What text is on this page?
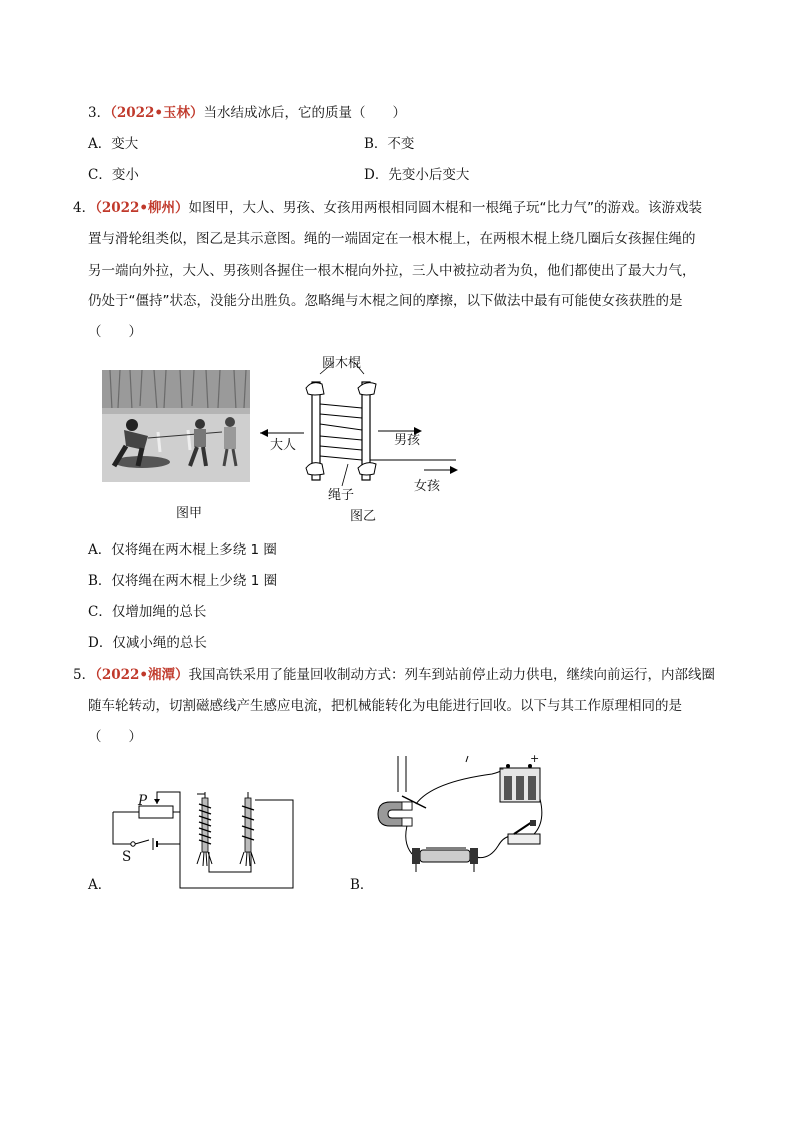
3．（2022•玉林）当水结成冰后，它的质量（　　）
A．变大	B．不变
C．变小	D．先变小后变大
4．（2022•柳州）如图甲，大人、男孩、女孩用两根相同圆木棍和一根绳子玩“比力气”的游戏。该游戏装
置与滑轮组类似，图乙是其示意图。绳的一端固定在一根木棍上，在两根木棍上绕几圈后女孩握住绳的
另一端向外拉，大人、男孩则各握住一根木棍向外拉，三人中被拉动者为负，他们都使出了最大力气，
仍处于“僵持”状态，没能分出胜负。忽略绳与木棍之间的摩擦，以下做法中最有可能使女孩获胜的是
（　　）
图甲
圆木棍
大人	男孩
女孩
绳子
图乙
A．仅将绳在两木棍上多绕 1 圈
B．仅将绳在两木棍上少绕 1 圈
C．仅增加绳的总长
D．仅减小绳的总长
5．（2022•湘潭）我国高铁采用了能量回收制动方式：列车到站前停止动力供电，继续向前运行，内部线圈
随车轮转动，切割磁感线产生感应电流，把机械能转化为电能进行回收。以下与其工作原理相同的是
（　　）
P
S
A．
+
-
B．
